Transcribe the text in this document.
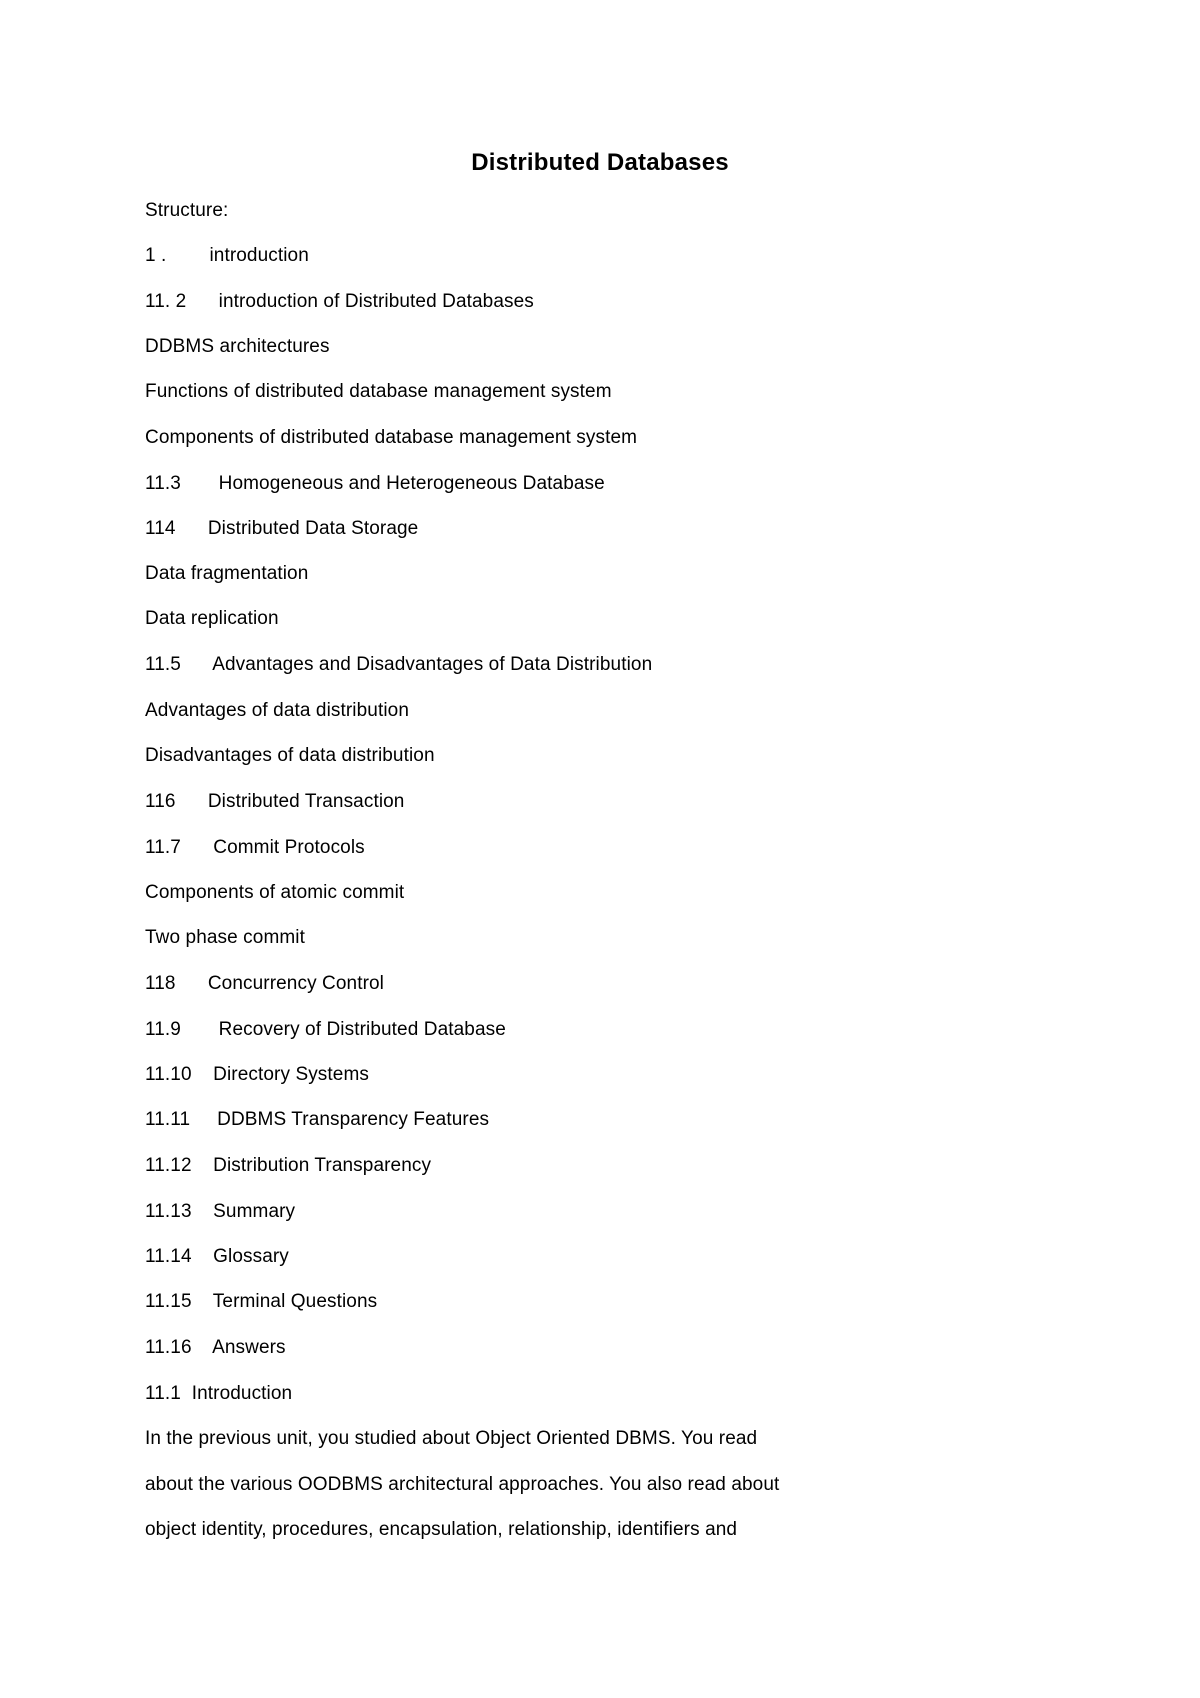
Distributed Databases
Structure:
1 .        introduction
11. 2      introduction of Distributed Databases
DDBMS architectures
Functions of distributed database management system
Components of distributed database management system
11.3       Homogeneous and Heterogeneous Database
114      Distributed Data Storage
Data fragmentation
Data replication
11.5      Advantages and Disadvantages of Data Distribution
Advantages of data distribution
Disadvantages of data distribution
116      Distributed Transaction
11.7      Commit Protocols
Components of atomic commit
Two phase commit
118      Concurrency Control
11.9       Recovery of Distributed Database
11.10    Directory Systems
11.11     DDBMS Transparency Features
11.12    Distribution Transparency
11.13    Summary
11.14    Glossary
11.15    Terminal Questions
11.16    Answers
11.1  Introduction
In the previous unit, you studied about Object Oriented DBMS. You read
about the various OODBMS architectural approaches. You also read about
object identity, procedures, encapsulation, relationship, identifiers and
